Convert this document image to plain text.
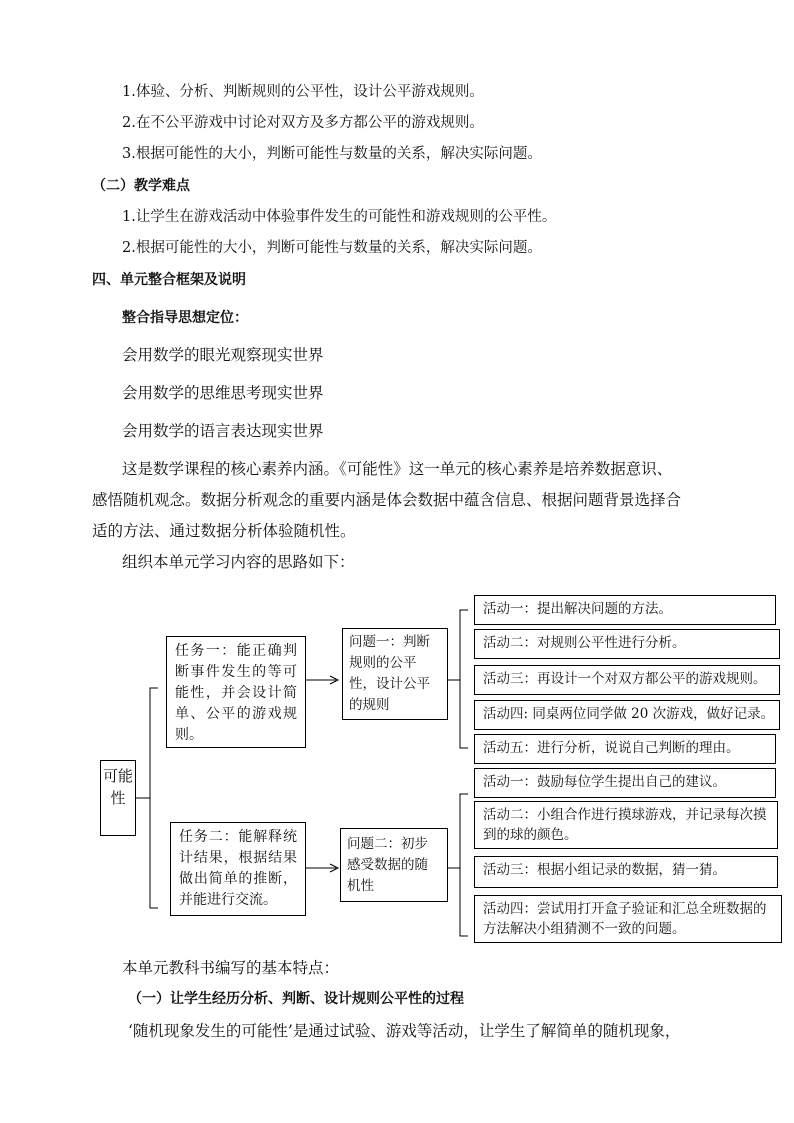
1.体验、分析、判断规则的公平性，设计公平游戏规则。
2.在不公平游戏中讨论对双方及多方都公平的游戏规则。
3.根据可能性的大小，判断可能性与数量的关系，解决实际问题。
（二）教学难点
1.让学生在游戏活动中体验事件发生的可能性和游戏规则的公平性。
2.根据可能性的大小，判断可能性与数量的关系，解决实际问题。
四、单元整合框架及说明
整合指导思想定位：
会用数学的眼光观察现实世界
会用数学的思维思考现实世界
会用数学的语言表达现实世界
这是数学课程的核心素养内涵。《可能性》这一单元的核心素养是培养数据意识、
感悟随机观念。数据分析观念的重要内涵是体会数据中蕴含信息、根据问题背景选择合
适的方法、通过数据分析体验随机性。
组织本单元学习内容的思路如下：
可能性
任务一：能正确判断事件发生的等可能性，并会设计简单、公平的游戏规则。
任务二：能解释统计结果，根据结果做出简单的推断，并能进行交流。
问题一：判断规则的公平性，设计公平的规则
问题二：初步感受数据的随机性
活动一：提出解决问题的方法。
活动二：对规则公平性进行分析。
活动三：再设计一个对双方都公平的游戏规则。
活动四: 同桌两位同学做 20 次游戏，做好记录。
活动五：进行分析，说说自己判断的理由。
活动一：鼓励每位学生提出自己的建议。
活动二：小组合作进行摸球游戏，并记录每次摸到的球的颜色。
活动三：根据小组记录的数据，猜一猜。
活动四：尝试用打开盒子验证和汇总全班数据的方法解决小组猜测不一致的问题。
本单元教科书编写的基本特点：
（一）让学生经历分析、判断、设计规则公平性的过程
‘随机现象发生的可能性’是通过试验、游戏等活动，让学生了解简单的随机现象，
